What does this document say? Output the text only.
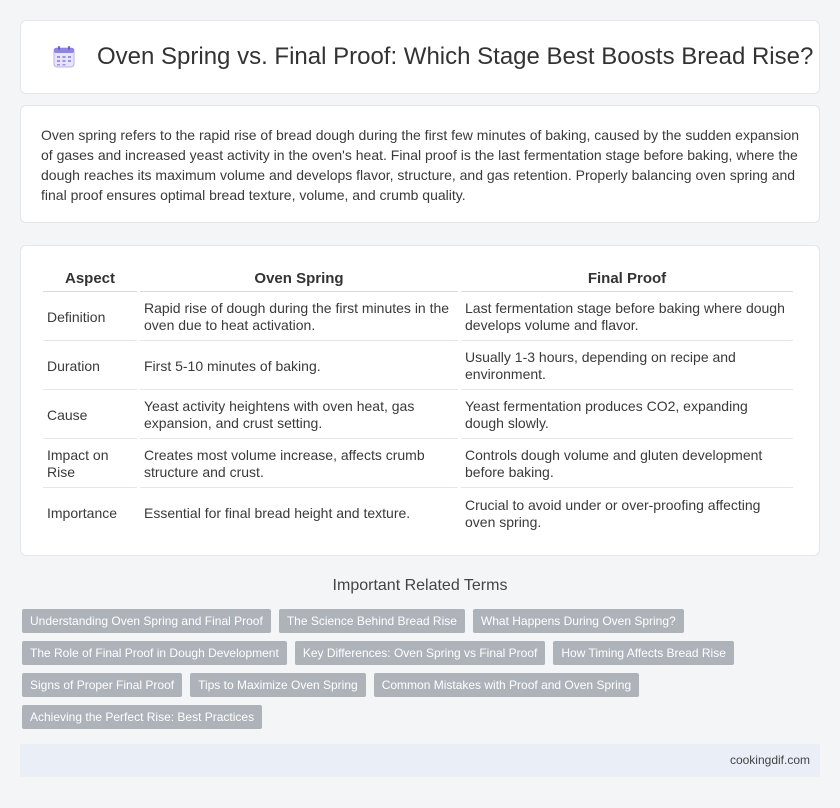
Oven Spring vs. Final Proof: Which Stage Best Boosts Bread Rise?

Oven spring refers to the rapid rise of bread dough during the first few minutes of baking, caused by the sudden expansion of gases and increased yeast activity in the oven's heat. Final proof is the last fermentation stage before baking, where the dough reaches its maximum volume and develops flavor, structure, and gas retention. Properly balancing oven spring and final proof ensures optimal bread texture, volume, and crumb quality.

Aspect	Oven Spring	Final Proof
Definition	Rapid rise of dough during the first minutes in the oven due to heat activation.	Last fermentation stage before baking where dough develops volume and flavor.
Duration	First 5-10 minutes of baking.	Usually 1-3 hours, depending on recipe and environment.
Cause	Yeast activity heightens with oven heat, gas expansion, and crust setting.	Yeast fermentation produces CO2, expanding dough slowly.
Impact on Rise	Creates most volume increase, affects crumb structure and crust.	Controls dough volume and gluten development before baking.
Importance	Essential for final bread height and texture.	Crucial to avoid under or over-proofing affecting oven spring.
Important Related Terms
Understanding Oven Spring and Final Proof	The Science Behind Bread Rise	What Happens During Oven Spring?
The Role of Final Proof in Dough Development	Key Differences: Oven Spring vs Final Proof	How Timing Affects Bread Rise
Signs of Proper Final Proof	Tips to Maximize Oven Spring	Common Mistakes with Proof and Oven Spring
Achieving the Perfect Rise: Best Practices
cookingdif.com
